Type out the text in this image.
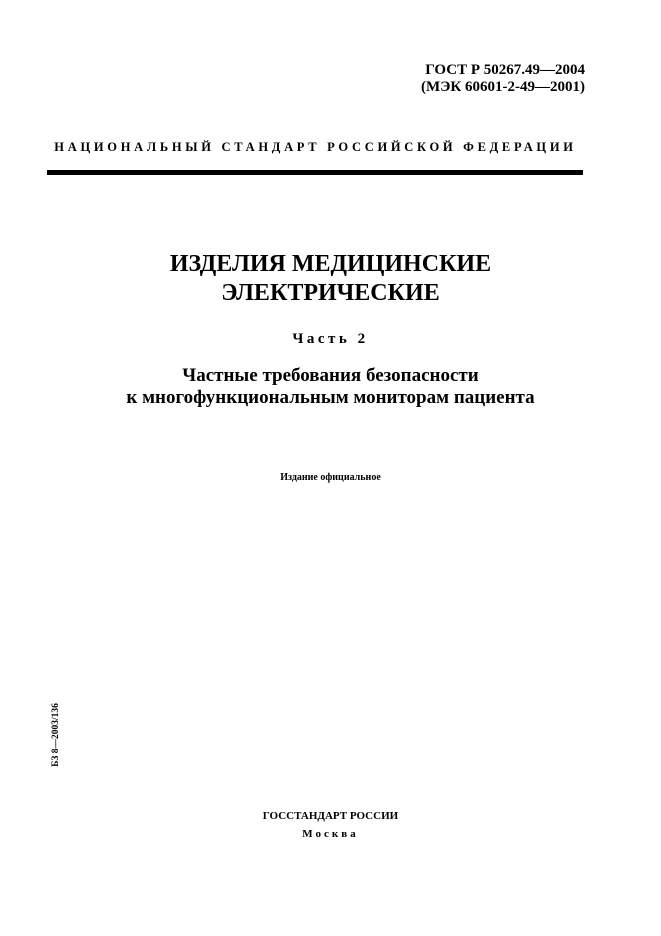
ГОСТ Р 50267.49—2004
(МЭК 60601-2-49—2001)
НАЦИОНАЛЬНЫЙ СТАНДАРТ РОССИЙСКОЙ ФЕДЕРАЦИИ
ИЗДЕЛИЯ МЕДИЦИНСКИЕ
ЭЛЕКТРИЧЕСКИЕ
Часть 2
Частные требования безопасности
к многофункциональным мониторам пациента
Издание официальное
БЗ 8—2003/136
ГОССТАНДАРТ РОССИИ
Москва
